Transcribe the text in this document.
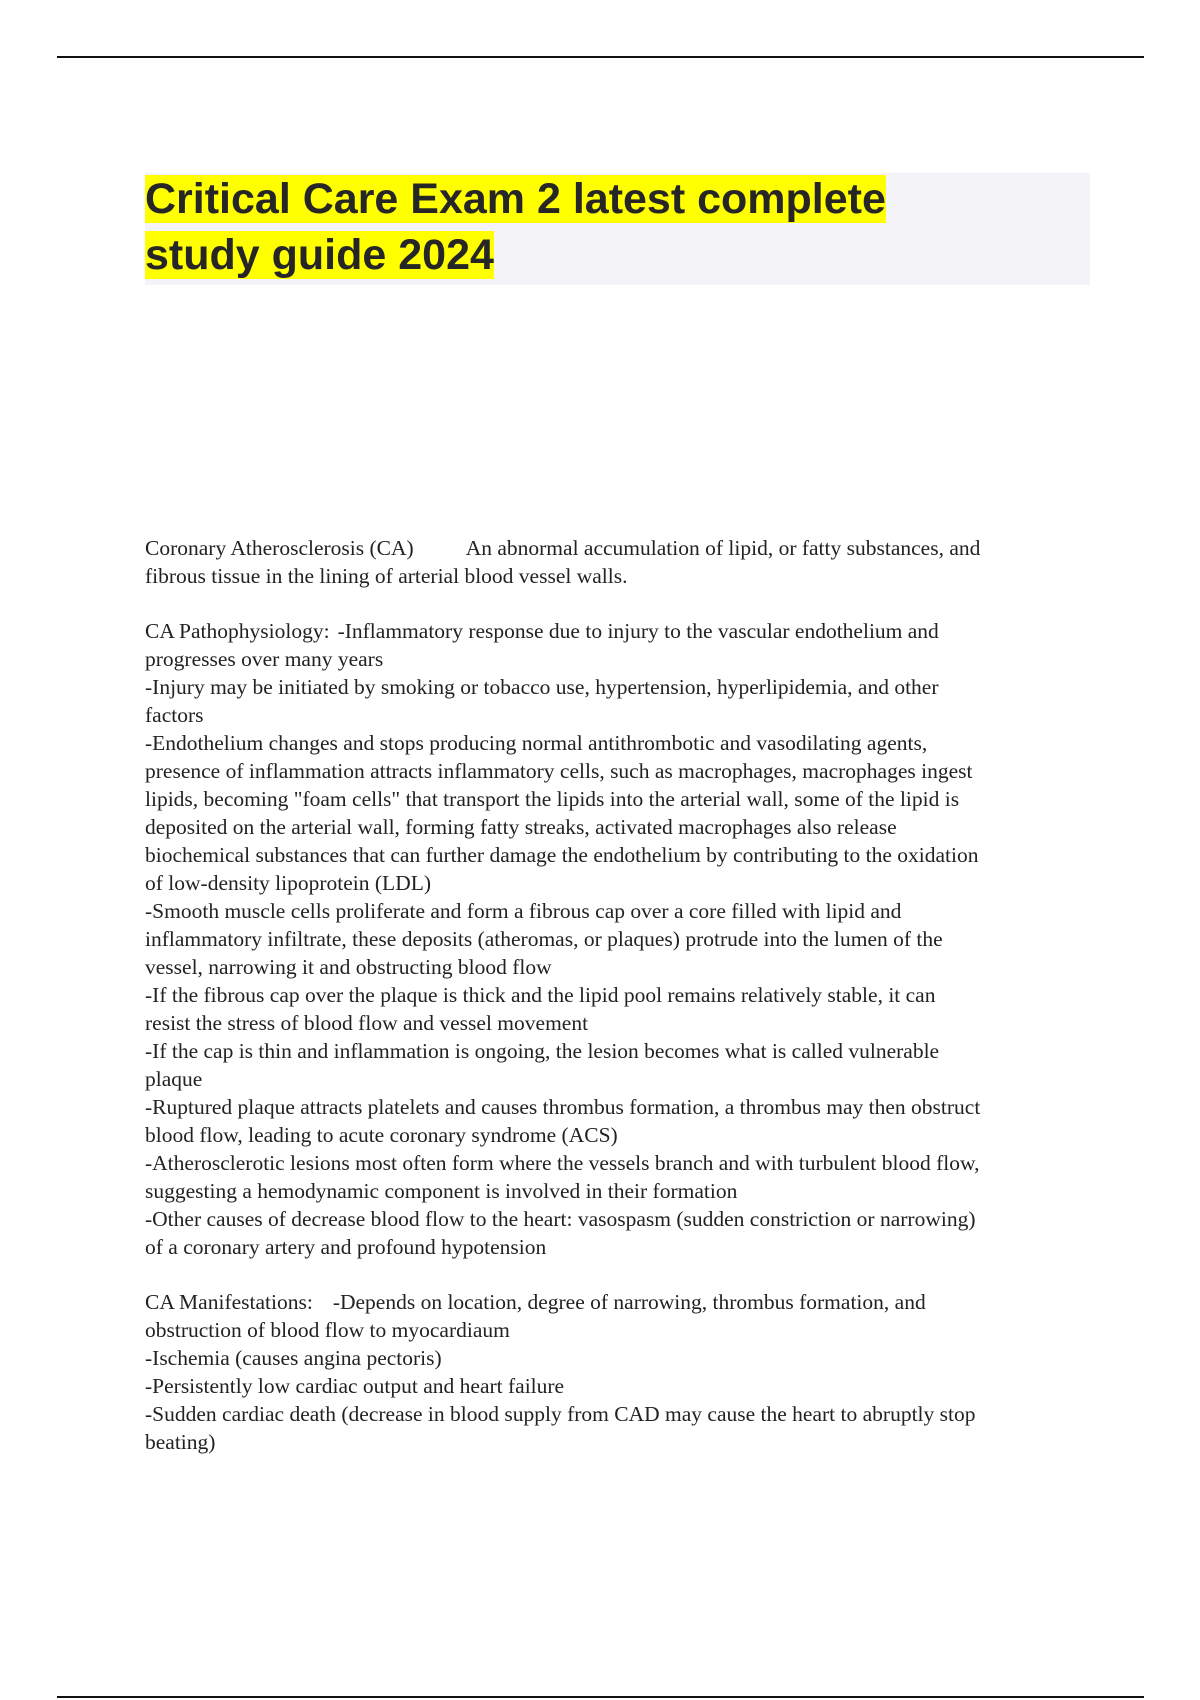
Critical Care Exam 2 latest complete
study guide 2024
Coronary Atherosclerosis (CA) An abnormal accumulation of lipid, or fatty substances, and
fibrous tissue in the lining of arterial blood vessel walls.
CA Pathophysiology: -Inflammatory response due to injury to the vascular endothelium and
progresses over many years
-Injury may be initiated by smoking or tobacco use, hypertension, hyperlipidemia, and other
factors
-Endothelium changes and stops producing normal antithrombotic and vasodilating agents,
presence of inflammation attracts inflammatory cells, such as macrophages, macrophages ingest
lipids, becoming "foam cells" that transport the lipids into the arterial wall, some of the lipid is
deposited on the arterial wall, forming fatty streaks, activated macrophages also release
biochemical substances that can further damage the endothelium by contributing to the oxidation
of low-density lipoprotein (LDL)
-Smooth muscle cells proliferate and form a fibrous cap over a core filled with lipid and
inflammatory infiltrate, these deposits (atheromas, or plaques) protrude into the lumen of the
vessel, narrowing it and obstructing blood flow
-If the fibrous cap over the plaque is thick and the lipid pool remains relatively stable, it can
resist the stress of blood flow and vessel movement
-If the cap is thin and inflammation is ongoing, the lesion becomes what is called vulnerable
plaque
-Ruptured plaque attracts platelets and causes thrombus formation, a thrombus may then obstruct
blood flow, leading to acute coronary syndrome (ACS)
-Atherosclerotic lesions most often form where the vessels branch and with turbulent blood flow,
suggesting a hemodynamic component is involved in their formation
-Other causes of decrease blood flow to the heart: vasospasm (sudden constriction or narrowing)
of a coronary artery and profound hypotension
CA Manifestations: -Depends on location, degree of narrowing, thrombus formation, and
obstruction of blood flow to myocardiaum
-Ischemia (causes angina pectoris)
-Persistently low cardiac output and heart failure
-Sudden cardiac death (decrease in blood supply from CAD may cause the heart to abruptly stop
beating)
